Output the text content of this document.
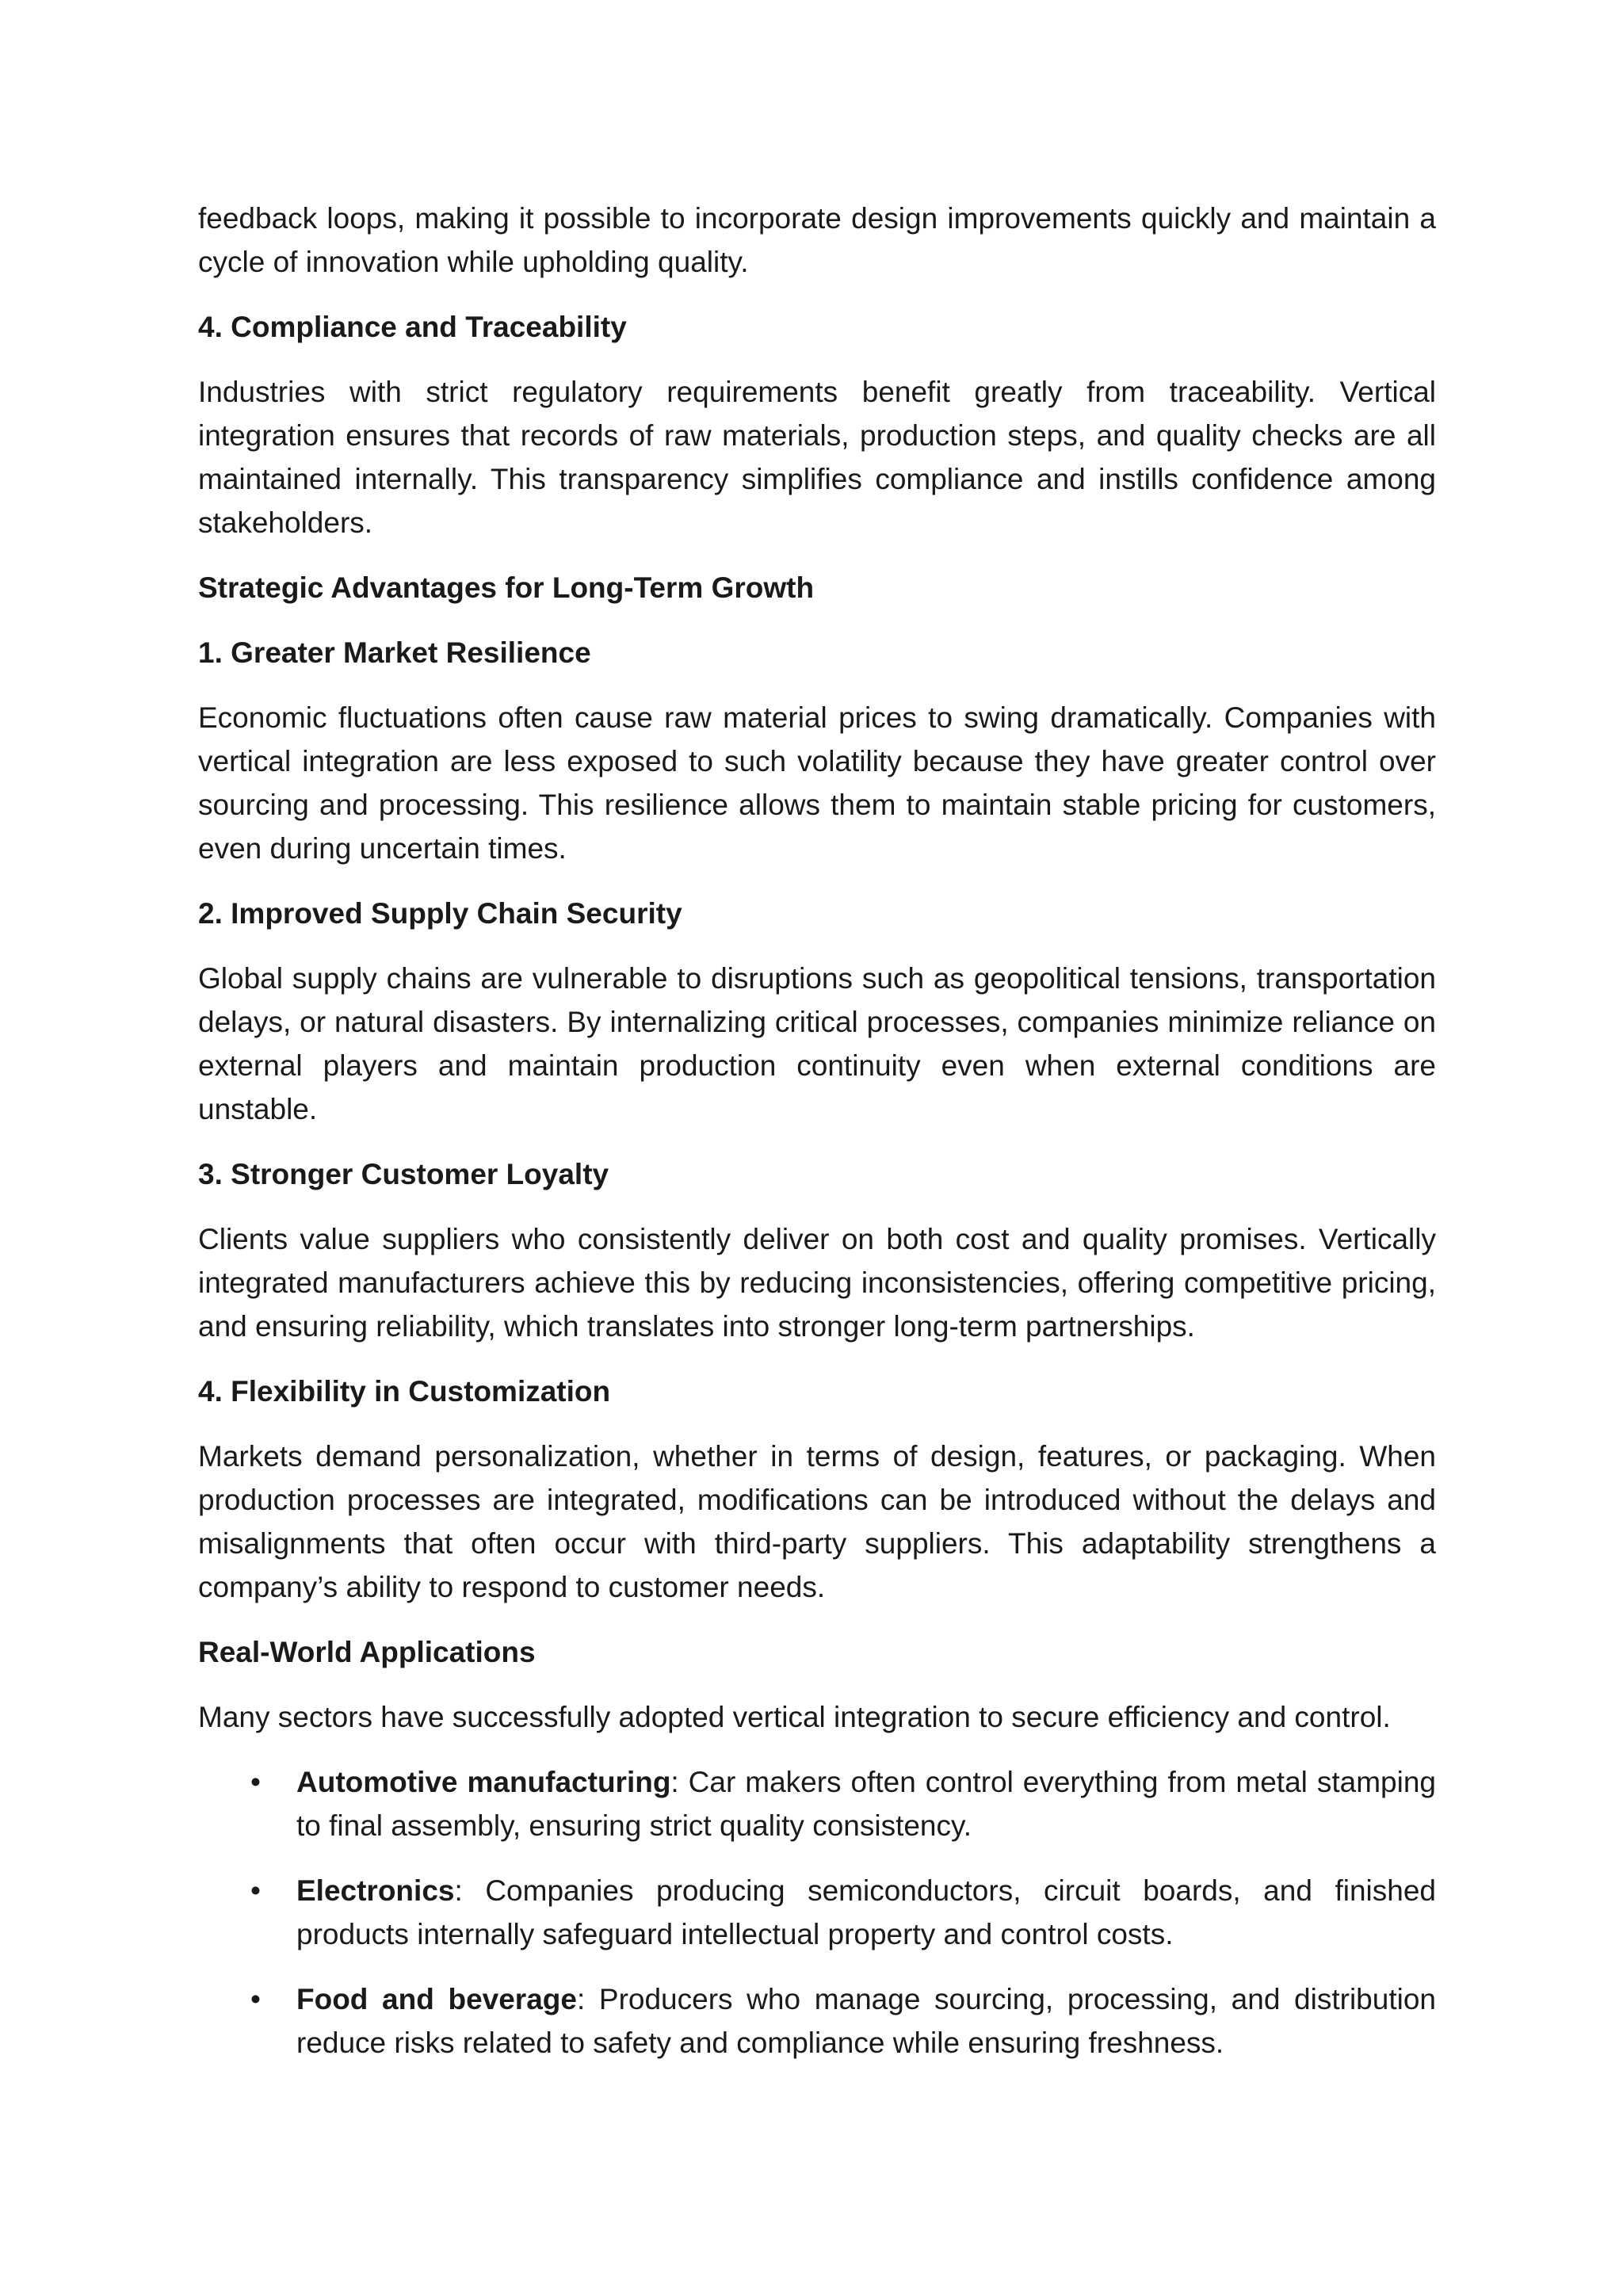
feedback loops, making it possible to incorporate design improvements quickly and maintain a cycle of innovation while upholding quality.

4. Compliance and Traceability

Industries with strict regulatory requirements benefit greatly from traceability. Vertical integration ensures that records of raw materials, production steps, and quality checks are all maintained internally. This transparency simplifies compliance and instills confidence among stakeholders.

Strategic Advantages for Long-Term Growth

1. Greater Market Resilience

Economic fluctuations often cause raw material prices to swing dramatically. Companies with vertical integration are less exposed to such volatility because they have greater control over sourcing and processing. This resilience allows them to maintain stable pricing for customers, even during uncertain times.

2. Improved Supply Chain Security

Global supply chains are vulnerable to disruptions such as geopolitical tensions, transportation delays, or natural disasters. By internalizing critical processes, companies minimize reliance on external players and maintain production continuity even when external conditions are unstable.

3. Stronger Customer Loyalty

Clients value suppliers who consistently deliver on both cost and quality promises. Vertically integrated manufacturers achieve this by reducing inconsistencies, offering competitive pricing, and ensuring reliability, which translates into stronger long-term partnerships.

4. Flexibility in Customization

Markets demand personalization, whether in terms of design, features, or packaging. When production processes are integrated, modifications can be introduced without the delays and misalignments that often occur with third-party suppliers. This adaptability strengthens a company’s ability to respond to customer needs.

Real-World Applications

Many sectors have successfully adopted vertical integration to secure efficiency and control.

• Automotive manufacturing: Car makers often control everything from metal stamping to final assembly, ensuring strict quality consistency.
• Electronics: Companies producing semiconductors, circuit boards, and finished products internally safeguard intellectual property and control costs.
• Food and beverage: Producers who manage sourcing, processing, and distribution reduce risks related to safety and compliance while ensuring freshness.
